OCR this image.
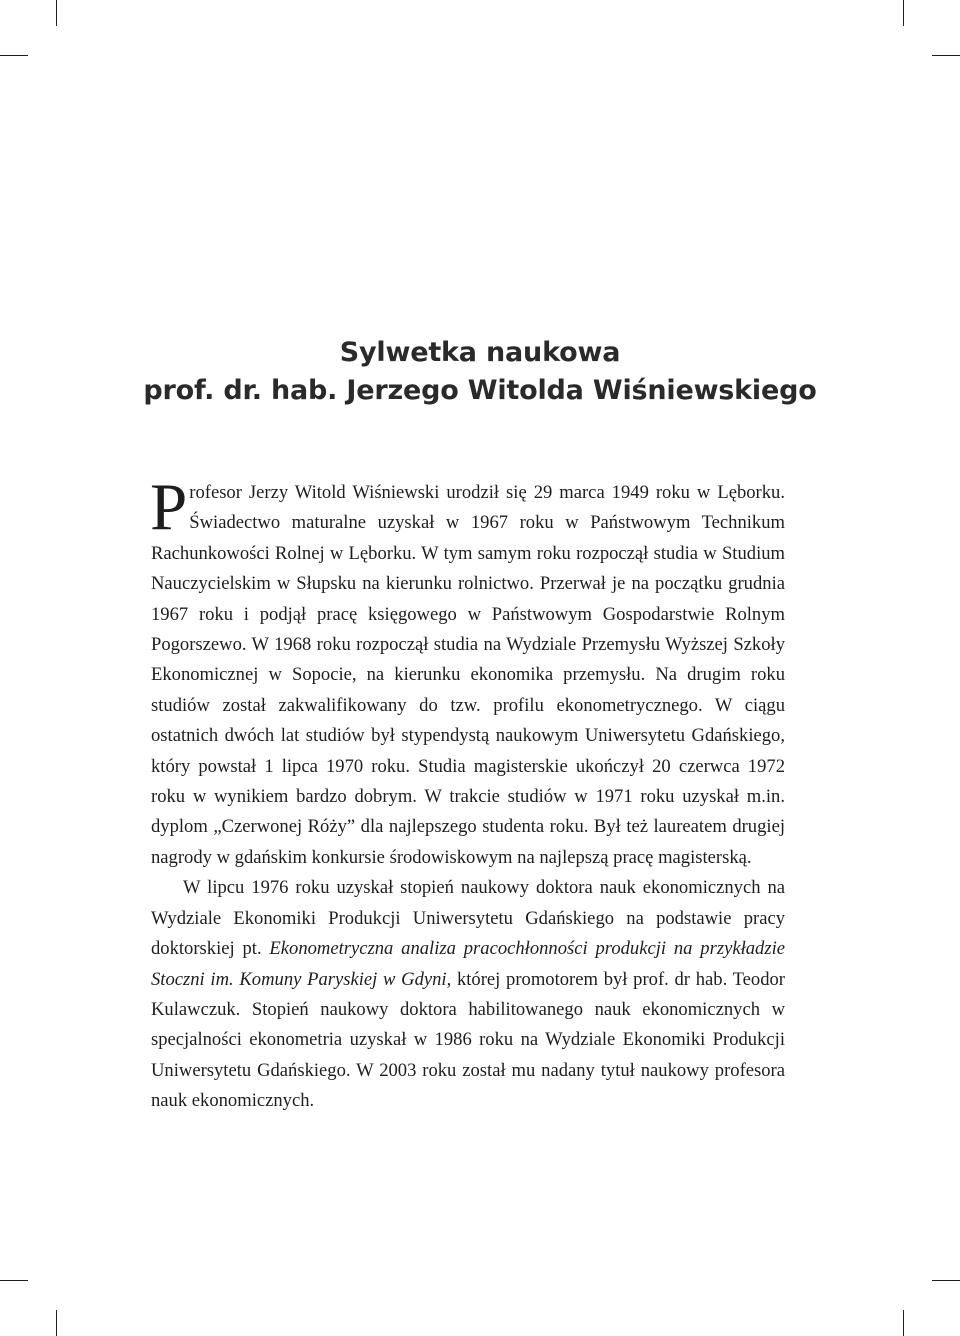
Sylwetka naukowa
prof. dr. hab. Jerzego Witolda Wiśniewskiego

Profesor Jerzy Witold Wiśniewski urodził się 29 marca 1949 roku w Lęborku. Świadectwo maturalne uzyskał w 1967 roku w Państwowym Technikum Rachunkowości Rolnej w Lęborku. W tym samym roku rozpoczął studia w Studium Nauczycielskim w Słupsku na kierunku rolnictwo. Przerwał je na początku grudnia 1967 roku i podjął pracę księgowego w Państwowym Gospodarstwie Rolnym Pogorszewo. W 1968 roku rozpoczął studia na Wydziale Przemysłu Wyższej Szkoły Ekonomicznej w Sopocie, na kierunku ekonomika przemysłu. Na drugim roku studiów został zakwalifikowany do tzw. profilu ekonometrycznego. W ciągu ostatnich dwóch lat studiów był stypendystą naukowym Uniwersytetu Gdańskiego, który powstał 1 lipca 1970 roku. Studia magisterskie ukończył 20 czerwca 1972 roku w wynikiem bardzo dobrym. W trakcie studiów w 1971 roku uzyskał m.in. dyplom „Czerwonej Róży” dla najlepszego studenta roku. Był też laureatem drugiej nagrody w gdańskim konkursie środowiskowym na najlepszą pracę magisterską.

W lipcu 1976 roku uzyskał stopień naukowy doktora nauk ekonomicznych na Wydziale Ekonomiki Produkcji Uniwersytetu Gdańskiego na podstawie pracy doktorskiej pt. Ekonometryczna analiza pracochłonności produkcji na przykładzie Stoczni im. Komuny Paryskiej w Gdyni, której promotorem był prof. dr hab. Teodor Kulawczuk. Stopień naukowy doktora habilitowanego nauk ekonomicznych w specjalności ekonometria uzyskał w 1986 roku na Wydziale Ekonomiki Produkcji Uniwersytetu Gdańskiego. W 2003 roku został mu nadany tytuł naukowy profesora nauk ekonomicznych.
